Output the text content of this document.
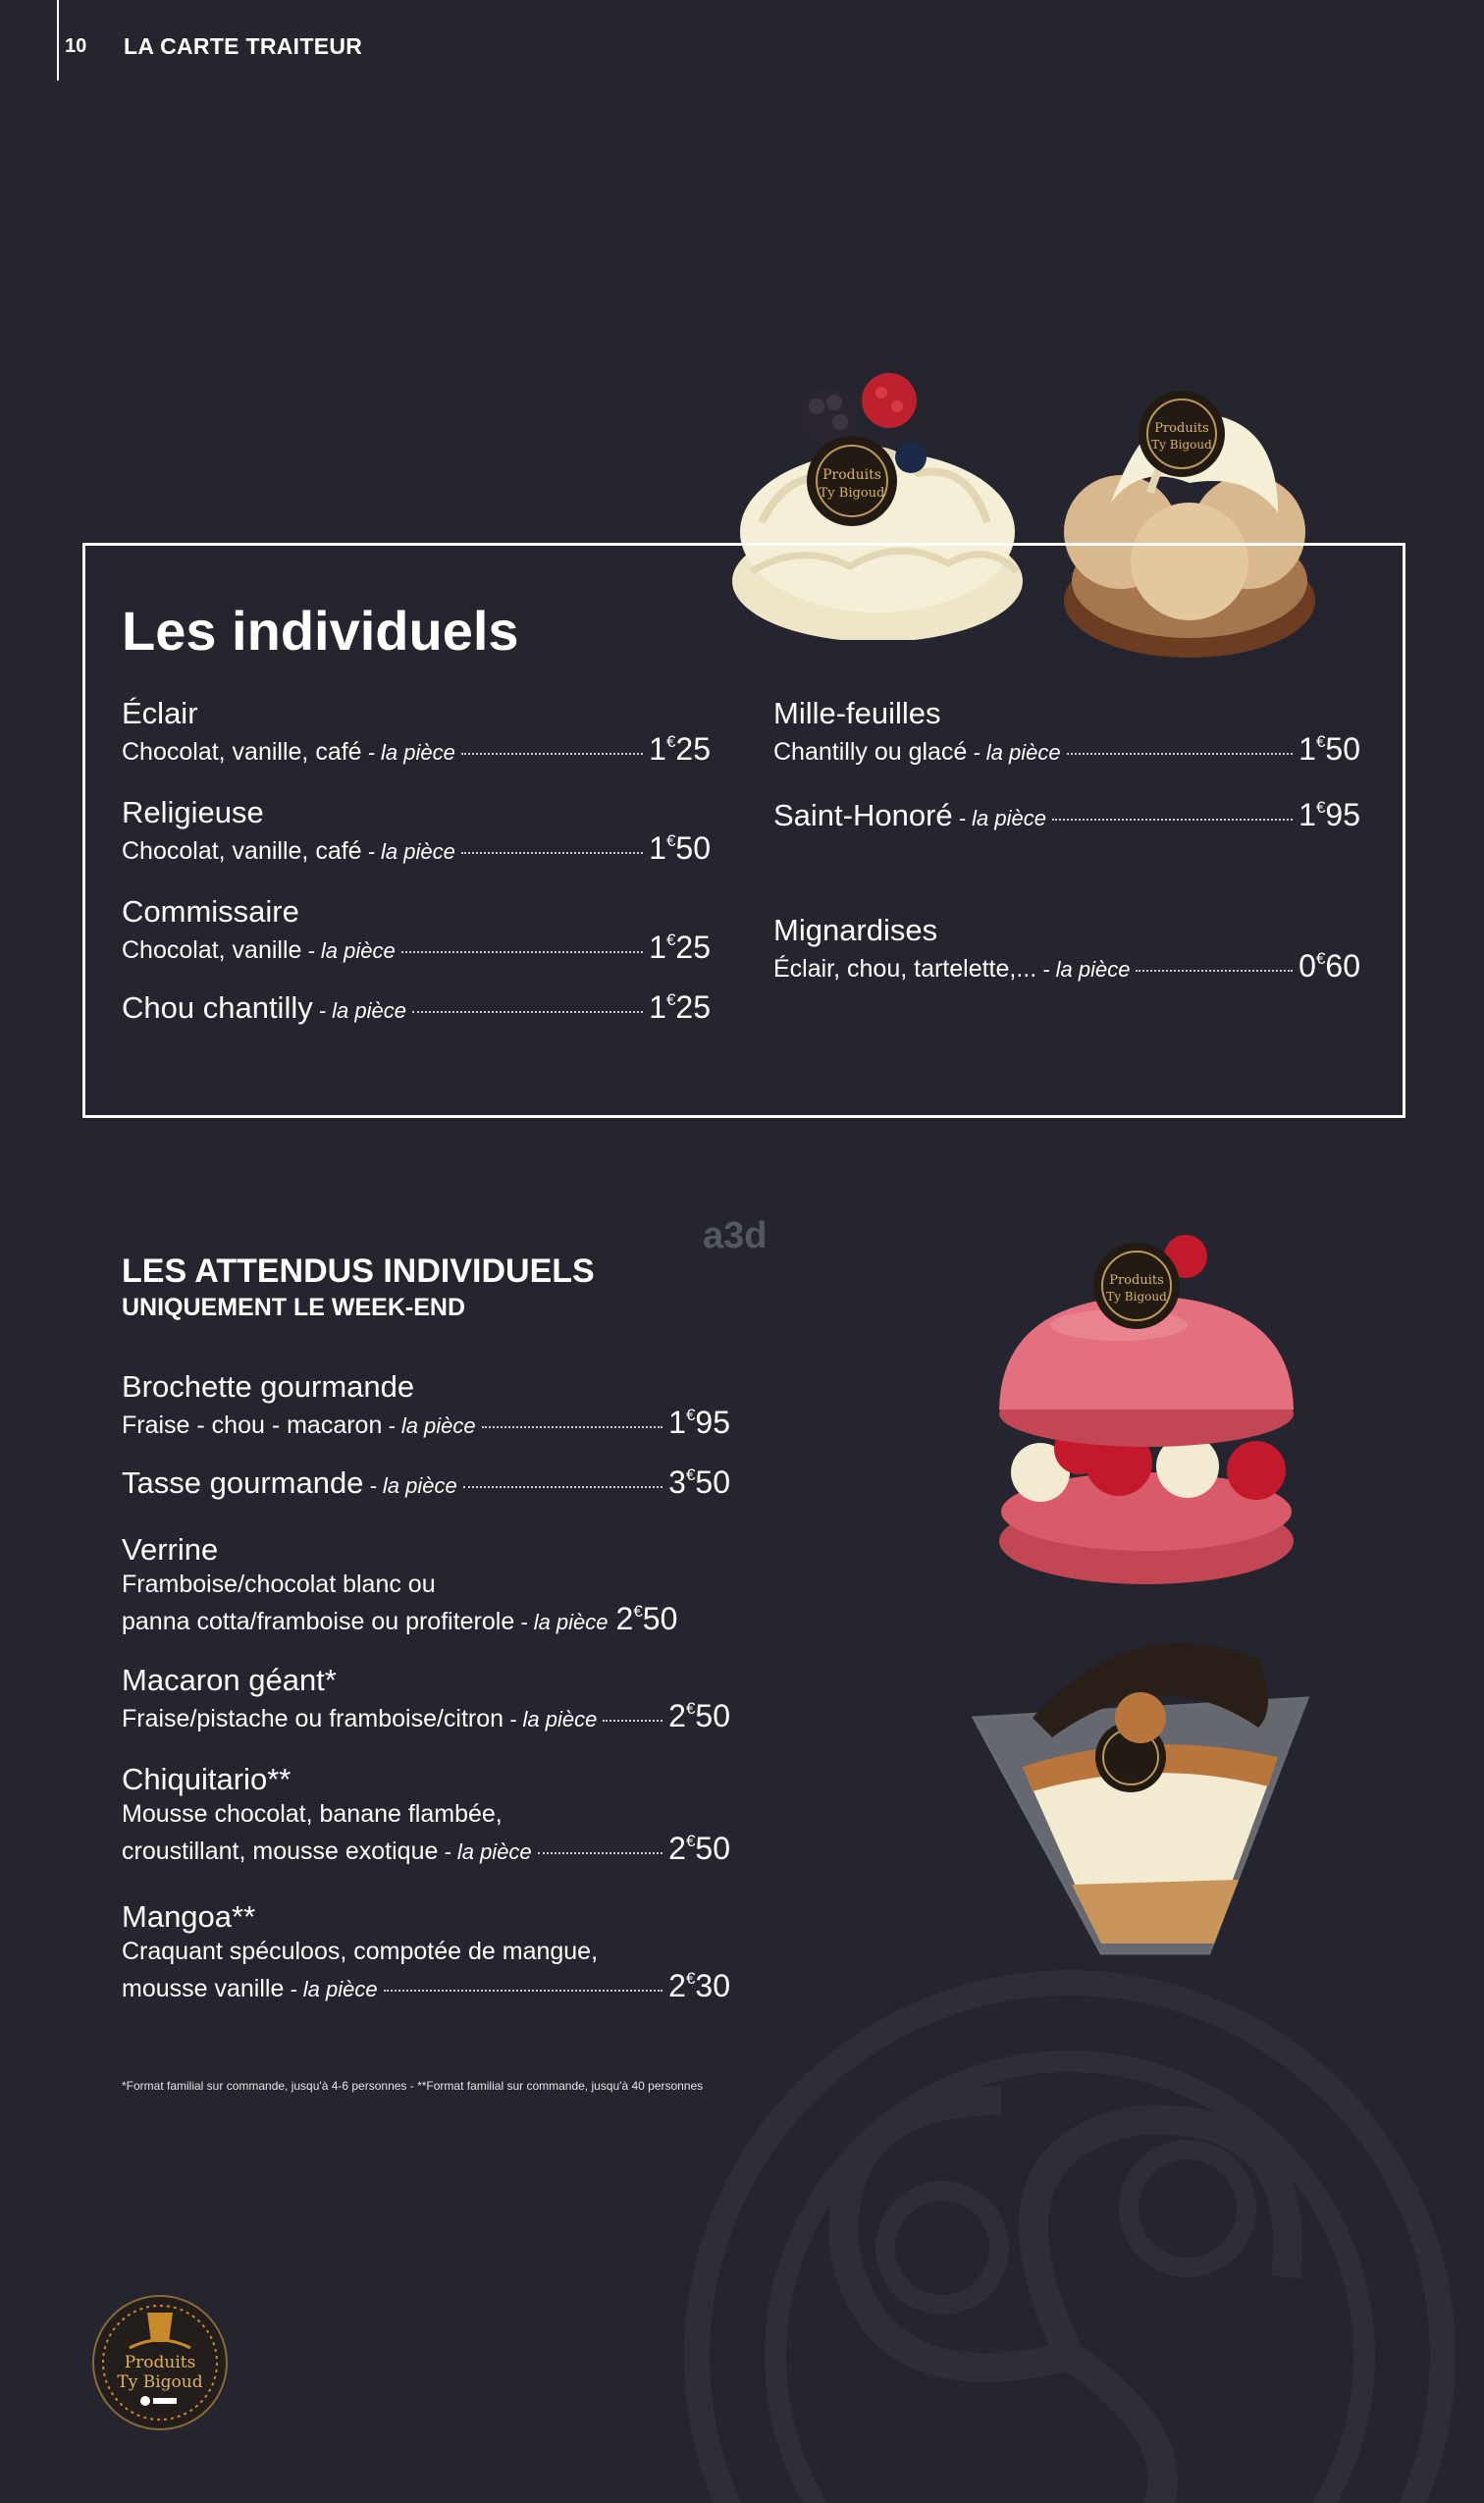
10 LA CARTE TRAITEUR
Produits
Ty Bigoud
Produits
Ty Bigoud
Les individuels
Éclair
Chocolat, vanille, café - la pièce	1€25
Religieuse
Chocolat, vanille, café - la pièce	1€50
Commissaire
Chocolat, vanille - la pièce	1€25
Chou chantilly - la pièce	1€25
Mille-feuilles
Chantilly ou glacé - la pièce	1€50
Saint-Honoré - la pièce	1€95
Mignardises
Éclair, chou, tartelette,... - la pièce	0€60
a3d
LES ATTENDUS INDIVIDUELS
UNIQUEMENT LE WEEK-END
Brochette gourmande
Fraise - chou - macaron - la pièce	1€95
Tasse gourmande - la pièce	3€50
Verrine
Framboise/chocolat blanc ou
panna cotta/framboise ou profiterole - la pièce 2€50
Macaron géant*
Fraise/pistache ou framboise/citron - la pièce 2€50
Chiquitario**
Mousse chocolat, banane flambée,
croustillant, mousse exotique - la pièce	2€50
Mangoa**
Craquant spéculoos, compotée de mangue,
mousse vanille - la pièce	2€30
Produits
Ty Bigoud
*Format familial sur commande, jusqu'à 4-6 personnes - **Format familial sur commande, jusqu'à 40 personnes
Produits
Ty Bigoud
